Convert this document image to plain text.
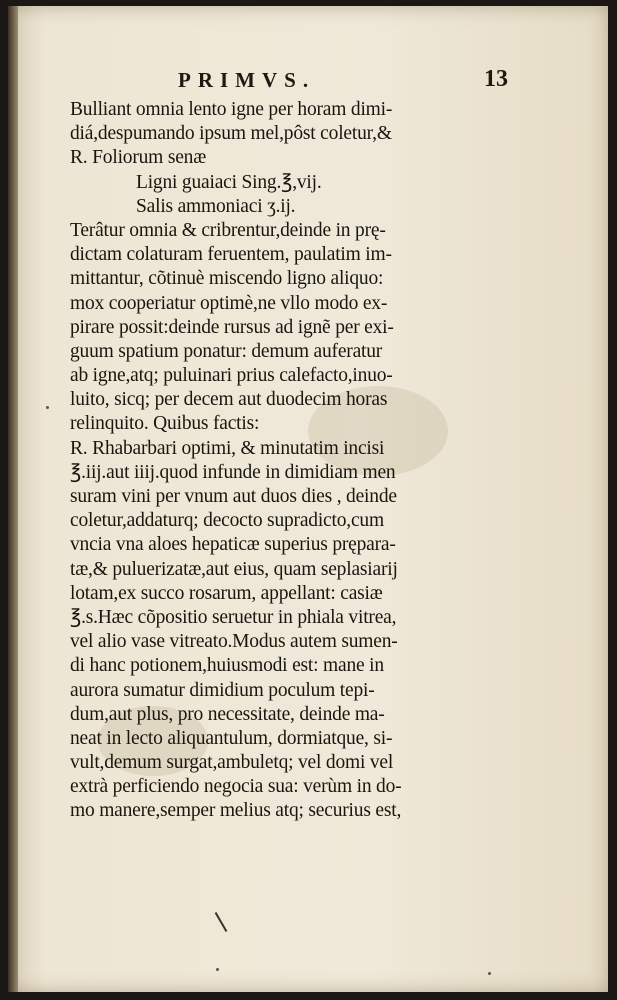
PRIMVS.	13
Bulliant omnia lento igne per horam dimi-
diá,despumando ipsum mel,pôst coletur,&
R. Foliorum senæ
Ligni guaiaci Sing.℥,vij.
Salis ammoniaci ʒ.ij.
Terâtur omnia & cribrentur,deinde in prę-
dictam colaturam feruentem, paulatim im-
mittantur, cõtinuè miscendo ligno aliquo:
mox cooperiatur optimè,ne vllo modo ex-
pirare possit:deinde rursus ad ignẽ per exi-
guum spatium ponatur: demum auferatur
ab igne,atq; puluinari prius calefacto,inuo-
luito, sicq; per decem aut duodecim horas
relinquito. Quibus factis:
R. Rhabarbari optimi, & minutatim incisi
℥.iij.aut iiij.quod infunde in dimidiam men
suram vini per vnum aut duos dies , deinde
coletur,addaturq; decocto supradicto,cum
vncia vna aloes hepaticæ superius prępara-
tæ,& puluerizatæ,aut eius, quam seplasiarij
lotam,ex succo rosarum, appellant: casiæ
℥.s.Hæc cõpositio seruetur in phiala vitrea,
vel alio vase vitreato.Modus autem sumen-
di hanc potionem,huiusmodi est: mane in
aurora sumatur dimidium poculum tepi-
dum,aut plus, pro necessitate, deinde ma-
neat in lecto aliquantulum, dormiatque, si-
vult,demum surgat,ambuletq; vel domi vel
extrà perficiendo negocia sua: verùm in do-
mo manere,semper melius atq; securius est,
